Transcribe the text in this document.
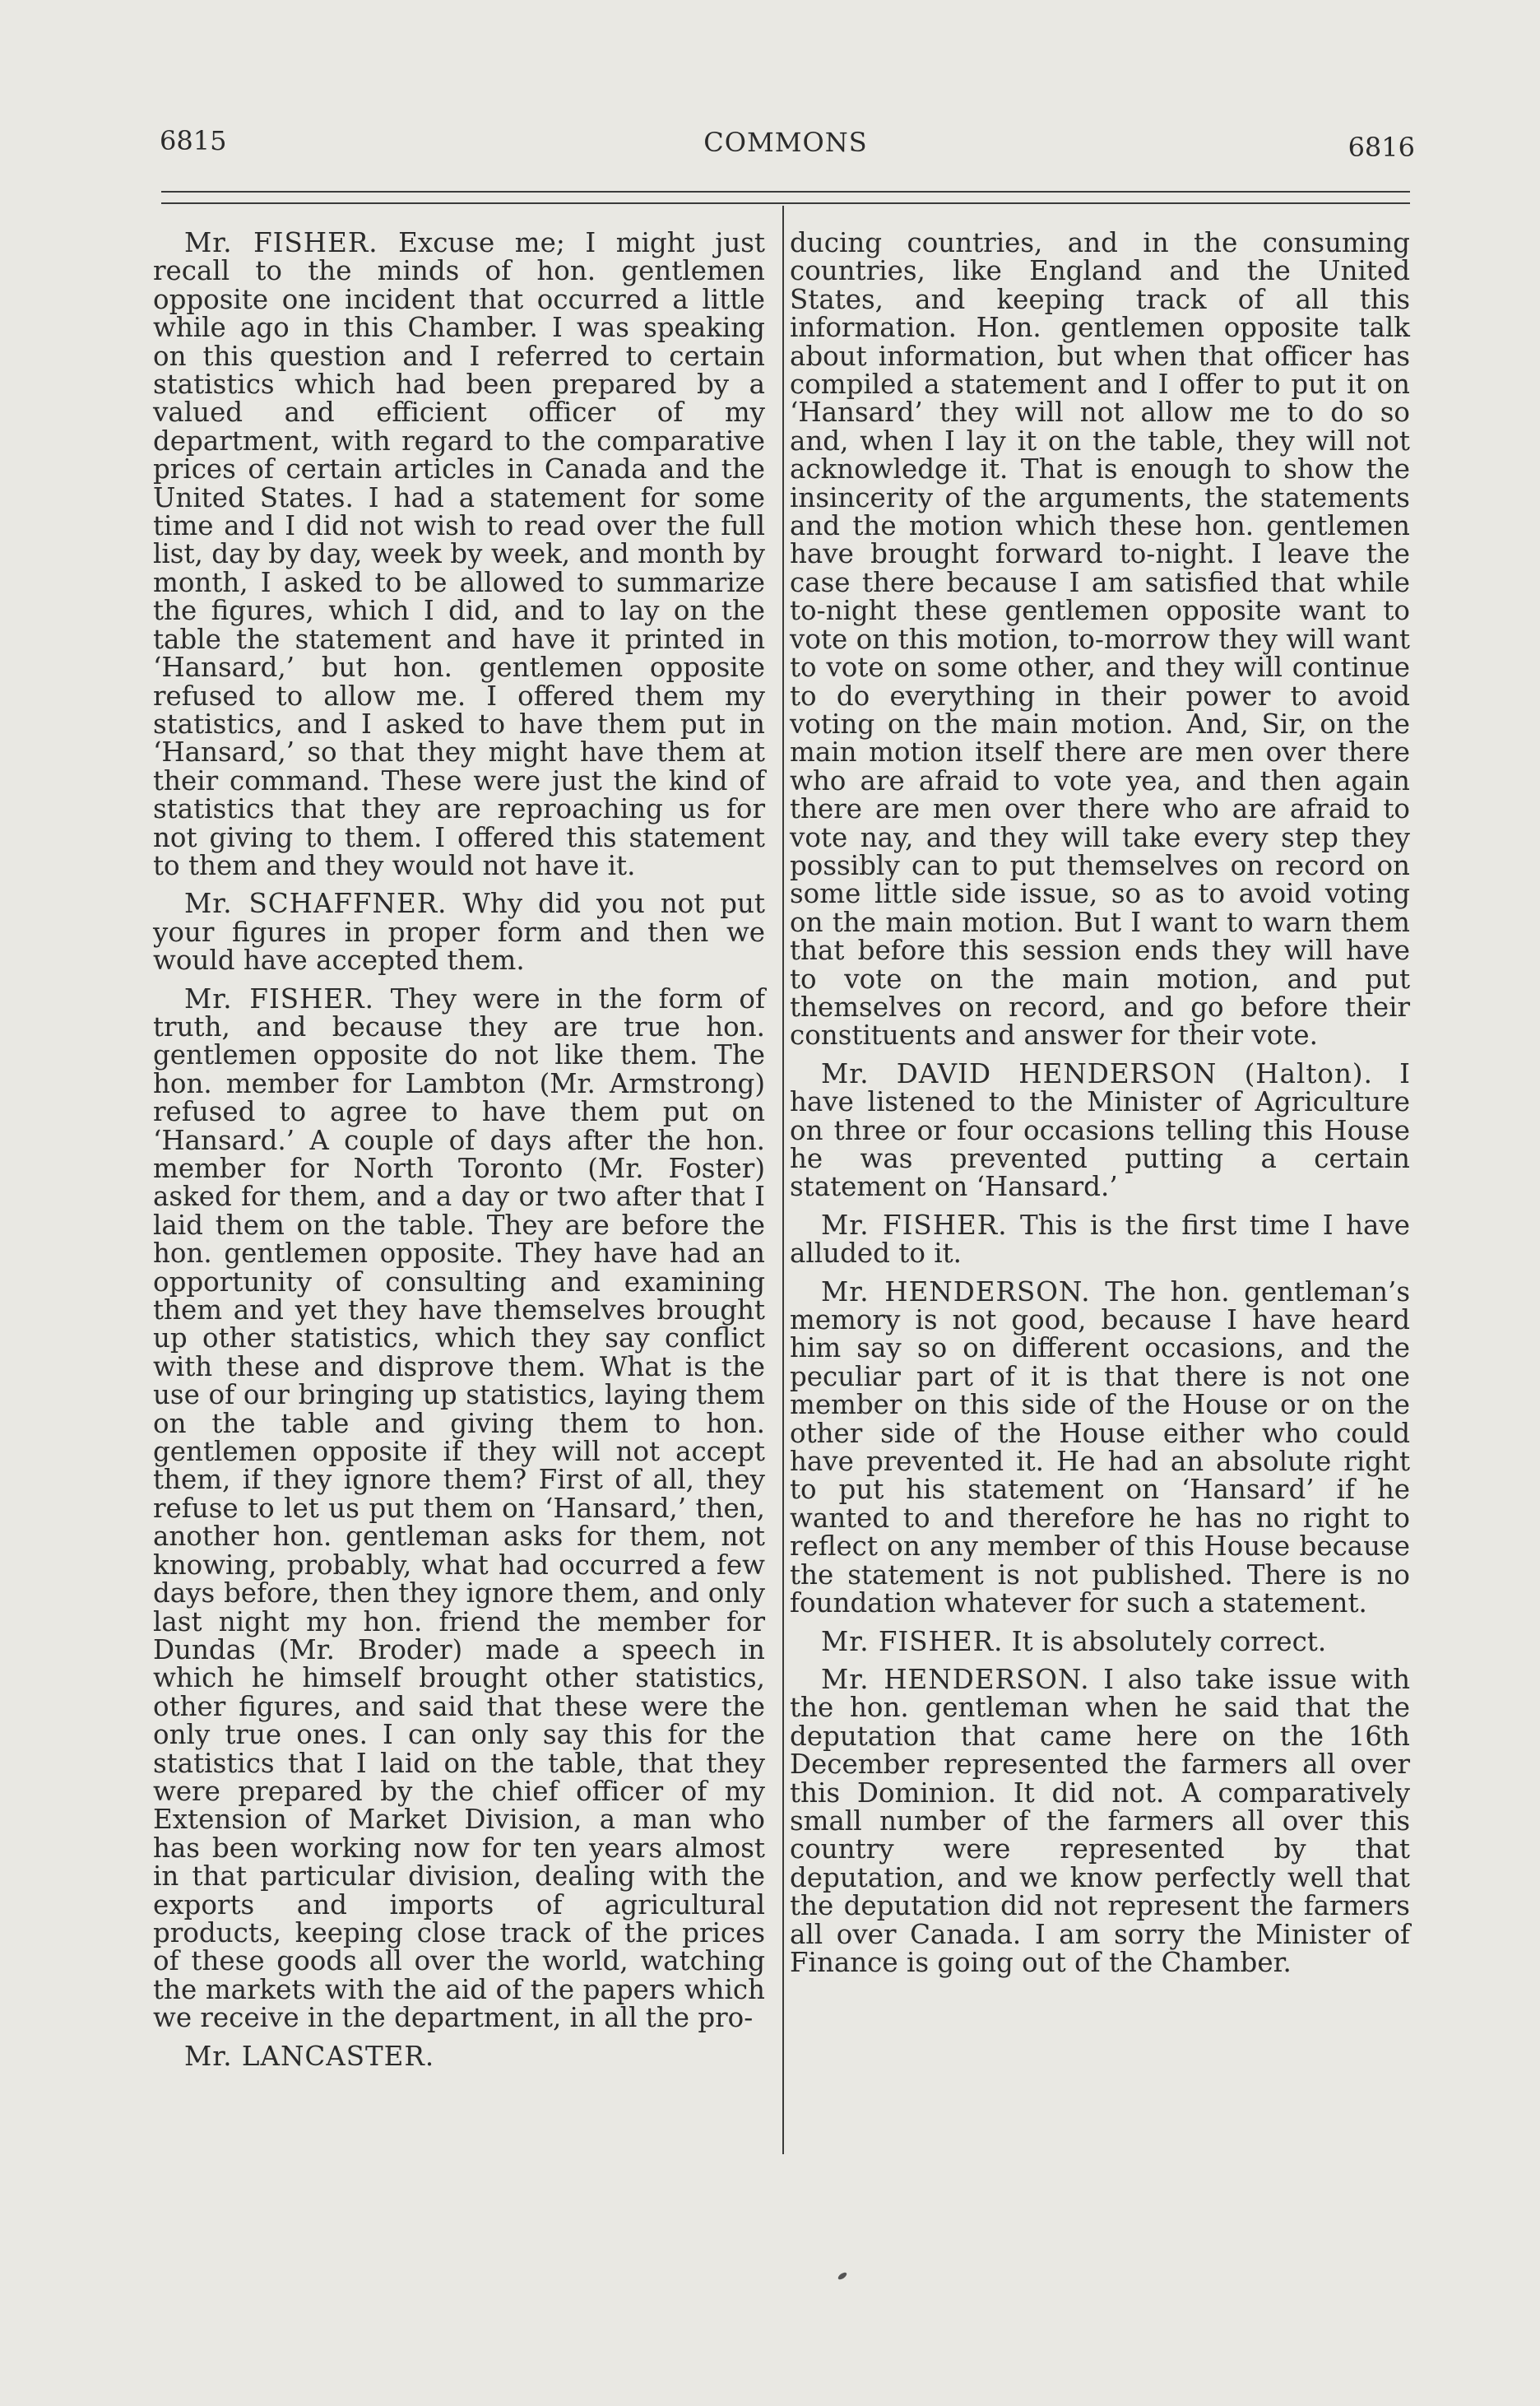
6815	COMMONS	6816

Mr. FISHER. Excuse me; I might just recall to the minds of hon. gentlemen opposite one incident that occurred a little while ago in this Chamber. I was speaking on this question and I referred to certain statistics which had been prepared by a valued and efficient officer of my department, with regard to the comparative prices of certain articles in Canada and the United States. I had a statement for some time and I did not wish to read over the full list, day by day, week by week, and month by month, I asked to be allowed to summarize the figures, which I did, and to lay on the table the statement and have it printed in ‘Hansard,’ but hon. gentlemen opposite refused to allow me. I offered them my statistics, and I asked to have them put in ‘Hansard,’ so that they might have them at their command. These were just the kind of statistics that they are reproaching us for not giving to them. I offered this statement to them and they would not have it.

Mr. SCHAFFNER. Why did you not put your figures in proper form and then we would have accepted them.

Mr. FISHER. They were in the form of truth, and because they are true hon. gentlemen opposite do not like them. The hon. member for Lambton (Mr. Armstrong) refused to agree to have them put on ‘Hansard.’ A couple of days after the hon. member for North Toronto (Mr. Foster) asked for them, and a day or two after that I laid them on the table. They are before the hon. gentlemen opposite. They have had an opportunity of consulting and examining them and yet they have themselves brought up other statistics, which they say conflict with these and disprove them. What is the use of our bringing up statistics, laying them on the table and giving them to hon. gentlemen opposite if they will not accept them, if they ignore them? First of all, they refuse to let us put them on ‘Hansard,’ then, another hon. gentleman asks for them, not knowing, probably, what had occurred a few days before, then they ignore them, and only last night my hon. friend the member for Dundas (Mr. Broder) made a speech in which he himself brought other statistics, other figures, and said that these were the only true ones. I can only say this for the statistics that I laid on the table, that they were prepared by the chief officer of my Extension of Market Division, a man who has been working now for ten years almost in that particular division, dealing with the exports and imports of agricultural products, keeping close track of the prices of these goods all over the world, watching the markets with the aid of the papers which we receive in the department, in all the pro-

Mr. LANCASTER.

ducing countries, and in the consuming countries, like England and the United States, and keeping track of all this information. Hon. gentlemen opposite talk about information, but when that officer has compiled a statement and I offer to put it on ‘Hansard’ they will not allow me to do so and, when I lay it on the table, they will not acknowledge it. That is enough to show the insincerity of the arguments, the statements and the motion which these hon. gentlemen have brought forward to-night. I leave the case there because I am satisfied that while to-night these gentlemen opposite want to vote on this motion, to-morrow they will want to vote on some other, and they will continue to do everything in their power to avoid voting on the main motion. And, Sir, on the main motion itself there are men over there who are afraid to vote yea, and then again there are men over there who are afraid to vote nay, and they will take every step they possibly can to put themselves on record on some little side issue, so as to avoid voting on the main motion. But I want to warn them that before this session ends they will have to vote on the main motion, and put themselves on record, and go before their constituents and answer for their vote.

Mr. DAVID HENDERSON (Halton). I have listened to the Minister of Agriculture on three or four occasions telling this House he was prevented putting a certain statement on ‘Hansard.’

Mr. FISHER. This is the first time I have alluded to it.

Mr. HENDERSON. The hon. gentleman’s memory is not good, because I have heard him say so on different occasions, and the peculiar part of it is that there is not one member on this side of the House or on the other side of the House either who could have prevented it. He had an absolute right to put his statement on ‘Hansard’ if he wanted to and therefore he has no right to reflect on any member of this House because the statement is not published. There is no foundation whatever for such a statement.

Mr. FISHER. It is absolutely correct.

Mr. HENDERSON. I also take issue with the hon. gentleman when he said that the deputation that came here on the 16th December represented the farmers all over this Dominion. It did not. A comparatively small number of the farmers all over this country were represented by that deputation, and we know perfectly well that the deputation did not represent the farmers all over Canada. I am sorry the Minister of Finance is going out of the Chamber.
